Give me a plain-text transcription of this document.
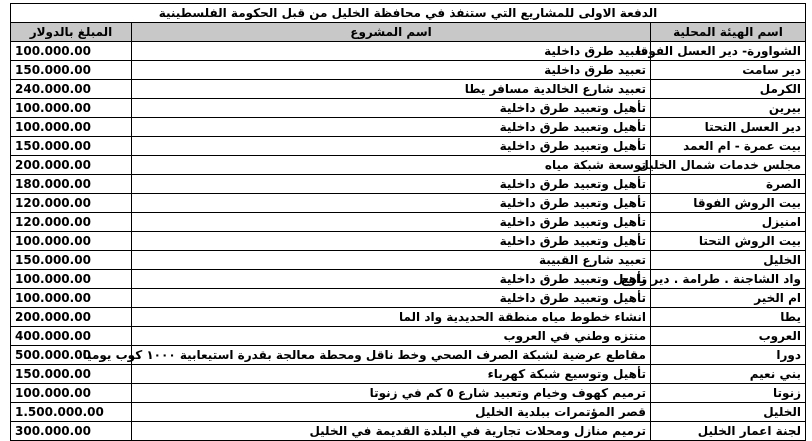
الدفعة الاولى للمشاريع التي ستنفذ في محافظة الخليل من قبل الحكومة الفلسطينية		
اسم الهيئة المحلية	اسم المشروع	المبلغ بالدولار
الشواورة- دير العسل الفوقا	تعبيد طرق داخلية	100.000.00
دير سامت	تعبيد طرق داخلية	150.000.00
الكرمل	تعبيد شارع الخالدية مسافر يطا	240.000.00
بيرين	تأهيل وتعبيد طرق داخلية	100.000.00
دير العسل التحتا	تأهيل وتعبيد طرق داخلية	100.000.00
بيت عمرة - ام العمد	تأهيل وتعبيد طرق داخلية	150.000.00
مجلس خدمات شمال الخليل	توسعة شبكة مياه	200.000.00
الصرة	تأهيل وتعبيد طرق داخلية	180.000.00
بيت الروش الفوقا	تأهيل وتعبيد طرق داخلية	120.000.00
امنيزل	تأهيل وتعبيد طرق داخلية	120.000.00
بيت الروش التحتا	تأهيل وتعبيد طرق داخلية	100.000.00
الخليل	تعبيد شارع القبيبة	150.000.00
واد الشاجنة . طرامة . دير رازح	تأهيل وتعبيد طرق داخلية	100.000.00
ام الخير	تأهيل وتعبيد طرق داخلية	100.000.00
يطا	انشاء خطوط مياه منطقة الحديدية واد الما	200.000.00
العروب	منتزه وطني في العروب	400.000.00
دورا	مقاطع عرضية لشبكة الصرف الصحي وخط ناقل ومحطة معالجة بقدرة استيعابية ١٠٠٠ كوب يوميا	500.000.00
بني نعيم	تأهيل وتوسيع شبكة كهرباء	150.000.00
زنوتا	ترميم كهوف وخيام وتعبيد شارع ٥ كم في زنوتا	100.000.00
الخليل	قصر المؤتمرات ببلدية الخليل	1.500.000.00
لجنة اعمار الخليل	ترميم منازل ومحلات تجارية في البلدة القديمة في الخليل	300.000.00
